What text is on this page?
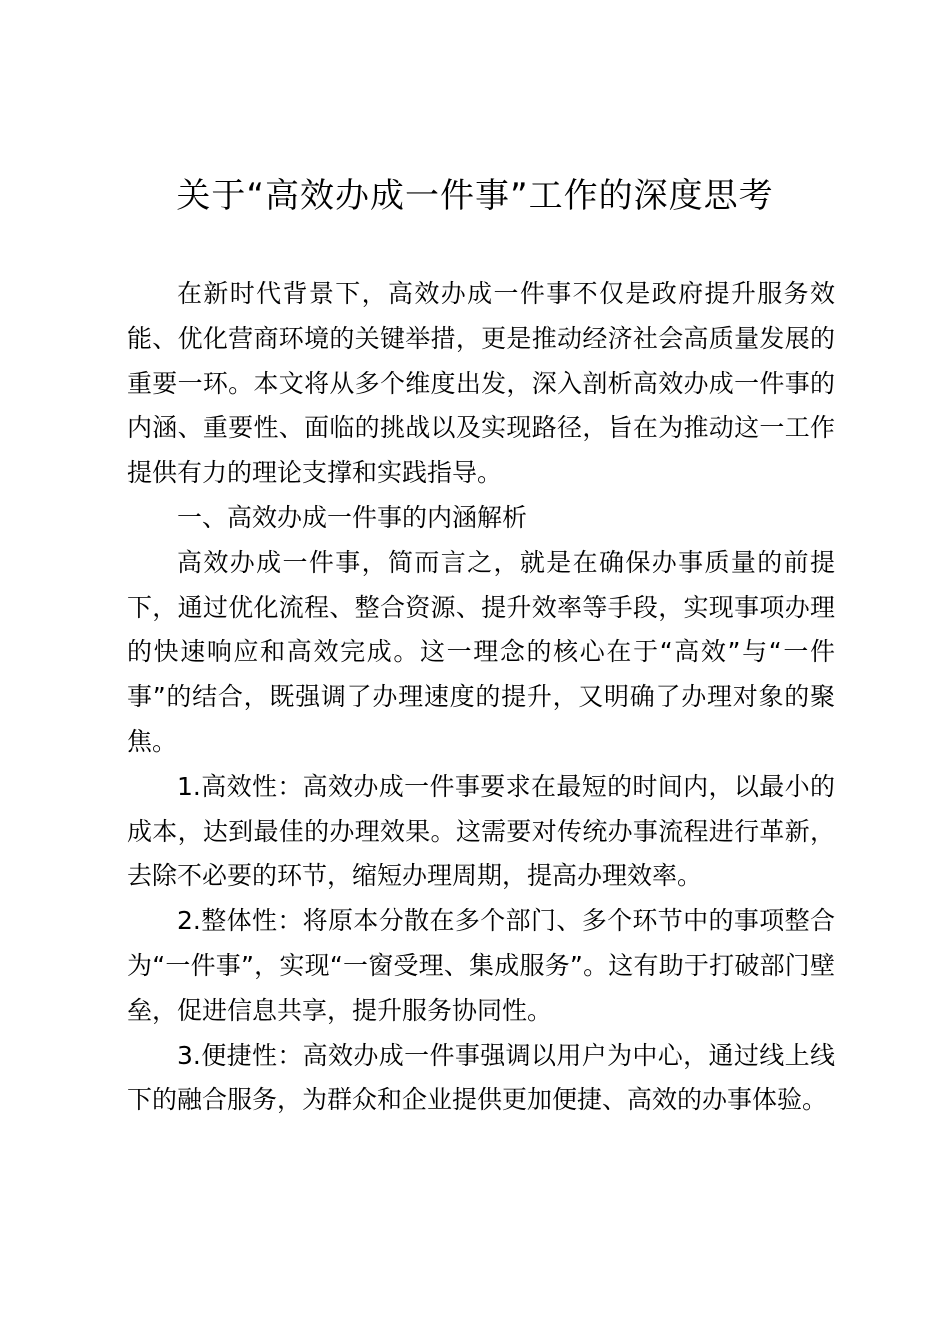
关于“高效办成一件事”工作的深度思考

在新时代背景下，高效办成一件事不仅是政府提升服务效能、优化营商环境的关键举措，更是推动经济社会高质量发展的重要一环。本文将从多个维度出发，深入剖析高效办成一件事的内涵、重要性、面临的挑战以及实现路径，旨在为推动这一工作提供有力的理论支撑和实践指导。

一、高效办成一件事的内涵解析

高效办成一件事，简而言之，就是在确保办事质量的前提下，通过优化流程、整合资源、提升效率等手段，实现事项办理的快速响应和高效完成。这一理念的核心在于“高效”与“一件事”的结合，既强调了办理速度的提升，又明确了办理对象的聚焦。

1.高效性：高效办成一件事要求在最短的时间内，以最小的成本，达到最佳的办理效果。这需要对传统办事流程进行革新，去除不必要的环节，缩短办理周期，提高办理效率。

2.整体性：将原本分散在多个部门、多个环节中的事项整合为“一件事”，实现“一窗受理、集成服务”。这有助于打破部门壁垒，促进信息共享，提升服务协同性。

3.便捷性：高效办成一件事强调以用户为中心，通过线上线下的融合服务，为群众和企业提供更加便捷、高效的办事体验。
